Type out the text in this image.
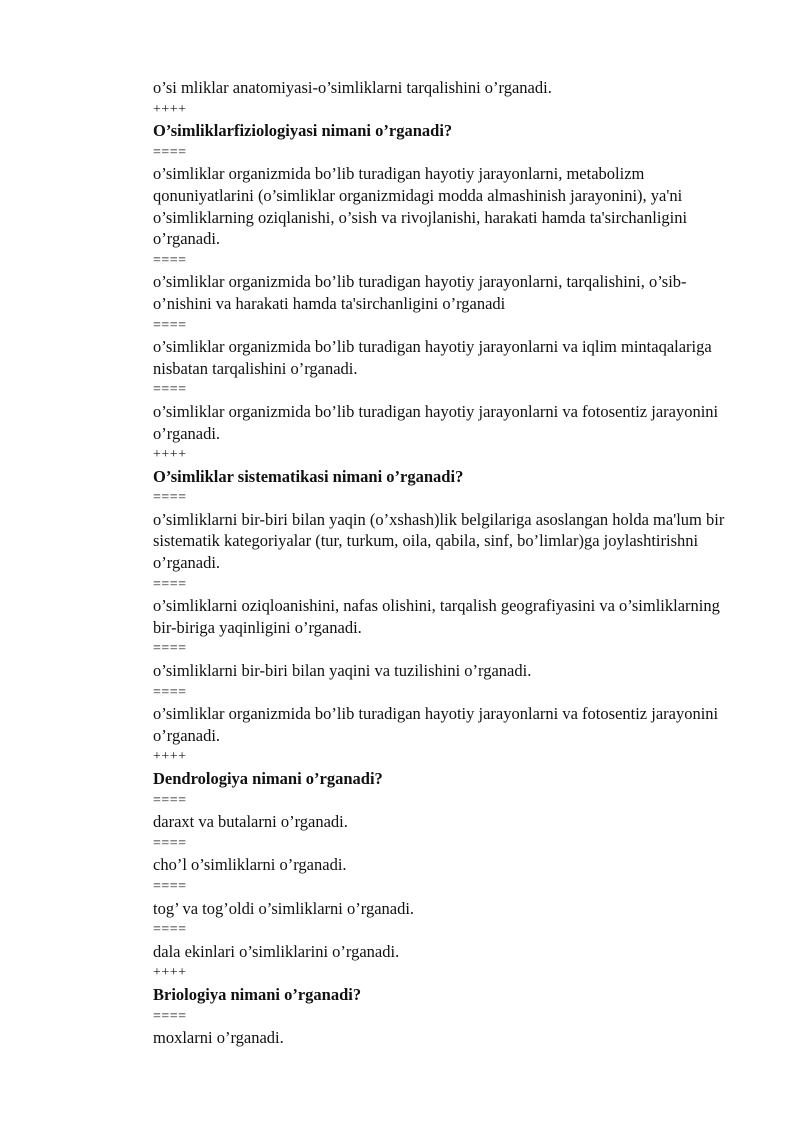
o’si mliklar anatomiyasi-o’simliklarni tarqalishini o’rganadi.

++++

O’simliklarfiziologiyasi nimani o’rganadi?

====

o’simliklar organizmida bo’lib turadigan hayotiy jarayonlarni, metabolizm qonuniyatlarini (o’simliklar organizmidagi modda almashinish jarayonini), ya'ni o’simliklarning oziqlanishi, o’sish va rivojlanishi, harakati hamda ta'sirchanligini o’rganadi.

====

o’simliklar organizmida bo’lib turadigan hayotiy jarayonlarni, tarqalishini, o’sib-o’nishini va harakati hamda ta'sirchanligini o’rganadi

====

o’simliklar organizmida bo’lib turadigan hayotiy jarayonlarni va iqlim mintaqalariga nisbatan tarqalishini o’rganadi.

====

o’simliklar organizmida bo’lib turadigan hayotiy jarayonlarni va fotosentiz jarayonini o’rganadi.

++++

O’simliklar sistematikasi nimani o’rganadi?

====

o’simliklarni bir-biri bilan yaqin (o’xshash)lik belgilariga asoslangan holda ma'lum bir sistematik kategoriyalar (tur, turkum, oila, qabila, sinf, bo’limlar)ga joylashtirishni o’rganadi.

====

o’simliklarni oziqloanishini, nafas olishini, tarqalish geografiyasini va o’simliklarning bir-biriga yaqinligini o’rganadi.

====

o’simliklarni bir-biri bilan yaqini va tuzilishini o’rganadi.

====

o’simliklar organizmida bo’lib turadigan hayotiy jarayonlarni va fotosentiz jarayonini o’rganadi.

++++

Dendrologiya nimani o’rganadi?

====

daraxt va butalarni o’rganadi.

====

cho’l o’simliklarni o’rganadi.

====

tog’ va tog’oldi o’simliklarni o’rganadi.

====

dala ekinlari o’simliklarini o’rganadi.

++++

Briologiya nimani o’rganadi?

====

moxlarni o’rganadi.
